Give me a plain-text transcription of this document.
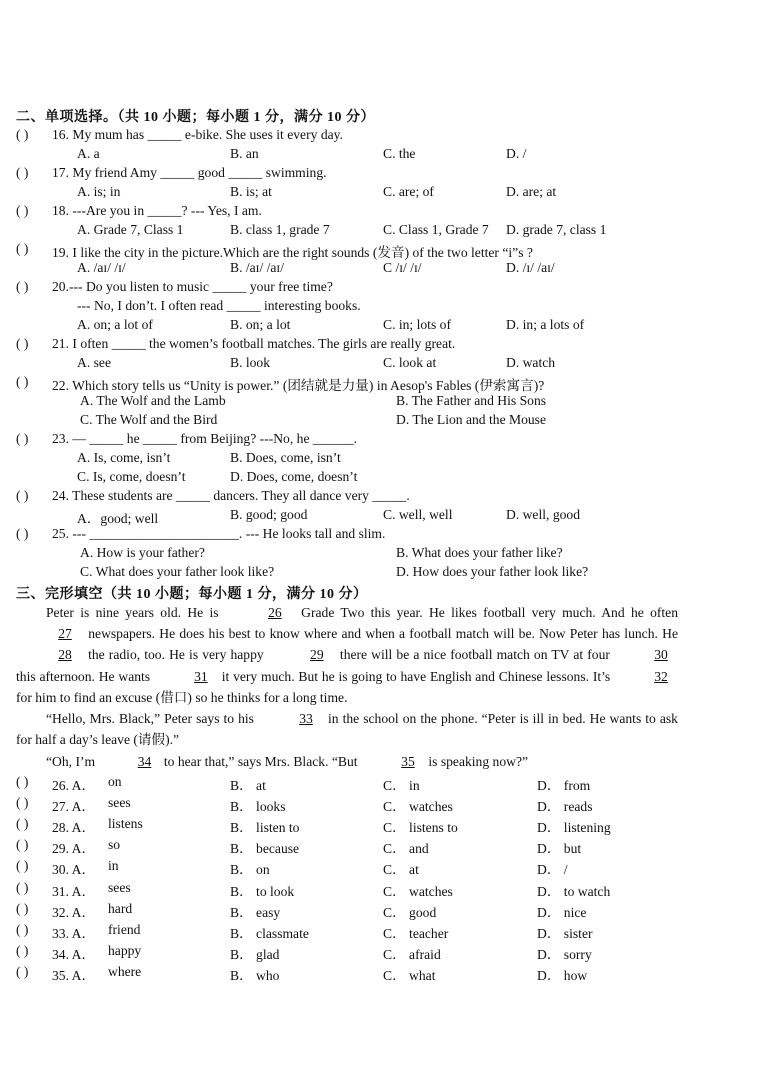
二、单项选择。（共 10 小题；每小题 1 分，满分 10 分）
( ) 16. My mum has _____ e-bike. She uses it every day.
A. a	B. an	C. the	D. /
( ) 17. My friend Amy _____ good _____ swimming.
A. is; in	B. is; at	C. are; of	D. are; at
( ) 18. ---Are you in _____? --- Yes, I am.
A. Grade 7, Class 1	B. class 1, grade 7	C. Class 1, Grade 7 D. grade 7, class 1
( ) 19. I like the city in the picture.Which are the right sounds (发音) of the two letter “i”s ?
A. /aɪ/ /ɪ/	B. /aɪ/ /aɪ/	C /ɪ/ /ɪ/	D. /ɪ/ /aɪ/
( ) 20.--- Do you listen to music _____ your free time?
--- No, I don’t. I often read _____ interesting books.
A. on; a lot of	B. on; a lot	C. in; lots of	D. in; a lots of
( ) 21. I often _____ the women’s football matches. The girls are really great.
A. see	B. look	C. look at	D. watch
( ) 22. Which story tells us “Unity is power.” (团结就是力量) in Aesop's Fables (伊索寓言)?
A. The Wolf and the Lamb	B. The Father and His Sons
C. The Wolf and the Bird	D. The Lion and the Mouse
( ) 23. — _____ he _____ from Beijing? ---No, he ______.
A. Is, come, isn’t	B. Does, come, isn’t
C. Is, come, doesn’t	D. Does, come, doesn’t
( ) 24. These students are _____ dancers. They all dance very _____.
A．good; well	B. good; good	C. well, well	D. well, good
( ) 25. --- ______________________. --- He looks tall and slim.
A. How is your father?	B. What does your father like?
C. What does your father look like?	D. How does your father look like?
三、完形填空（共 10 小题；每小题 1 分，满分 10 分）
Peter is nine years old. He is	26 Grade Two this year. He likes football very much. And he often 27 newspapers. He does his best to know where and when a football match will be. Now Peter has lunch. He 28 the radio, too. He is very happy	29 there will be a nice football match on TV at four	30 this afternoon. He wants	31 it very much. But he is going to have English and Chinese lessons. It’s	32 for him to find an excuse (借口) so he thinks for a long time.
“Hello, Mrs. Black,” Peter says to his	33 in the school on the phone. “Peter is ill in bed. He wants to ask for half a day’s leave (请假).”
“Oh, I’m	34 to hear that,” says Mrs. Black. “But	35 is speaking now?”
( ) 26. A． on	B． at	C． in	D． from
( ) 27. A． sees	B． looks	C． watches	D． reads
( ) 28. A． listens	B． listen to	C． listens to	D． listening
( ) 29. A． so	B． because	C． and	D． but
( ) 30. A． in	B． on	C． at	D． /
( ) 31. A． sees	B． to look	C． watches	D． to watch
( ) 32. A． hard	B． easy	C． good	D． nice
( ) 33. A． friend	B． classmate	C． teacher	D． sister
( ) 34. A． happy	B． glad	C． afraid	D． sorry
( ) 35. A． where	B． who	C． what	D． how
